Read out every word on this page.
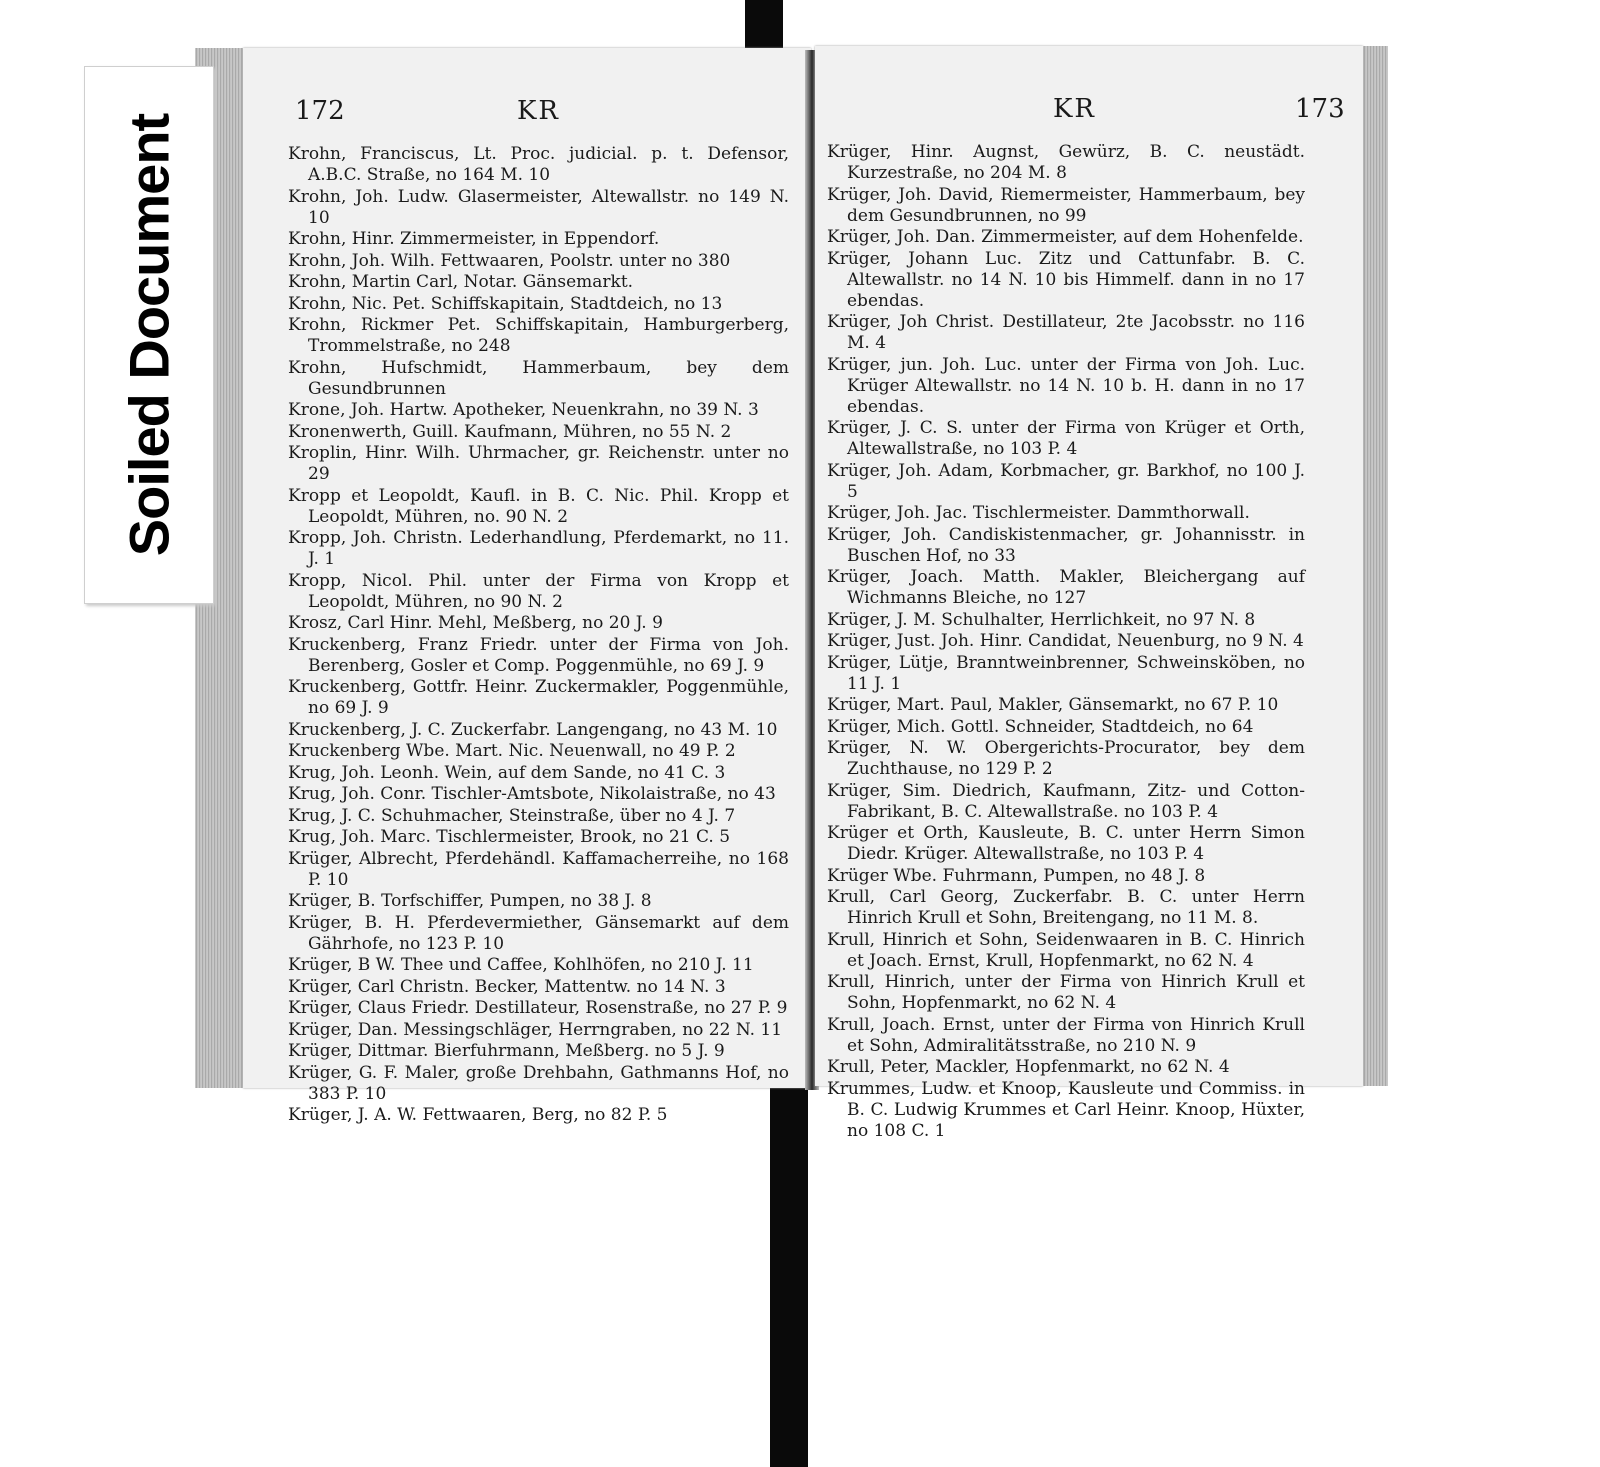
172	KR
Krohn, Franciscus, Lt. Proc. judicial. p. t. Defensor, A.B.C. Straße, no 164 M. 10
Krohn, Joh. Ludw. Glasermeister, Altewallstr. no 149 N. 10
Krohn, Hinr. Zimmermeister, in Eppendorf.
Krohn, Joh. Wilh. Fettwaaren, Poolstr. unter no 380
Krohn, Martin Carl, Notar. Gänsemarkt.
Krohn, Nic. Pet. Schiffskapitain, Stadtdeich, no 13
Krohn, Rickmer Pet. Schiffskapitain, Hamburgerberg, Trommelstraße, no 248
Krohn, Hufschmidt, Hammerbaum, bey dem Gesundbrunnen
Krone, Joh. Hartw. Apotheker, Neuenkrahn, no 39 N. 3
Kronenwerth, Guill. Kaufmann, Mühren, no 55 N. 2
Kroplin, Hinr. Wilh. Uhrmacher, gr. Reichenstr. unter no 29
Kropp et Leopoldt, Kaufl. in B. C. Nic. Phil. Kropp et Leopoldt, Mühren, no. 90 N. 2
Kropp, Joh. Christn. Lederhandlung, Pferdemarkt, no 11. J. 1
Kropp, Nicol. Phil. unter der Firma von Kropp et Leopoldt, Mühren, no 90 N. 2
Krosz, Carl Hinr. Mehl, Meßberg, no 20 J. 9
Kruckenberg, Franz Friedr. unter der Firma von Joh. Berenberg, Gosler et Comp. Poggenmühle, no 69 J. 9
Kruckenberg, Gottfr. Heinr. Zuckermakler, Poggenmühle, no 69 J. 9
Kruckenberg, J. C. Zuckerfabr. Langengang, no 43 M. 10
Kruckenberg Wbe. Mart. Nic. Neuenwall, no 49 P. 2
Krug, Joh. Leonh. Wein, auf dem Sande, no 41 C. 3
Krug, Joh. Conr. Tischler-Amtsbote, Nikolaistraße, no 43
Krug, J. C. Schuhmacher, Steinstraße, über no 4 J. 7
Krug, Joh. Marc. Tischlermeister, Brook, no 21 C. 5
Krüger, Albrecht, Pferdehändl. Kaffamacherreihe, no 168 P. 10
Krüger, B. Torfschiffer, Pumpen, no 38 J. 8
Krüger, B. H. Pferdevermiether, Gänsemarkt auf dem Gährhofe, no 123 P. 10
Krüger, B W. Thee und Caffee, Kohlhöfen, no 210 J. 11
Krüger, Carl Christn. Becker, Mattentw. no 14 N. 3
Krüger, Claus Friedr. Destillateur, Rosenstraße, no 27 P. 9
Krüger, Dan. Messingschläger, Herrngraben, no 22 N. 11
Krüger, Dittmar. Bierfuhrmann, Meßberg. no 5 J. 9
Krüger, G. F. Maler, große Drehbahn, Gathmanns Hof, no 383 P. 10
Krüger, J. A. W. Fettwaaren, Berg, no 82 P. 5
KR	173
Krüger, Hinr. Augnst, Gewürz, B. C. neustädt. Kurzestraße, no 204 M. 8
Krüger, Joh. David, Riemermeister, Hammerbaum, bey dem Gesundbrunnen, no 99
Krüger, Joh. Dan. Zimmermeister, auf dem Hohenfelde.
Krüger, Johann Luc. Zitz und Cattunfabr. B. C. Altewallstr. no 14 N. 10 bis Himmelf. dann in no 17 ebendas.
Krüger, Joh Christ. Destillateur, 2te Jacobsstr. no 116 M. 4
Krüger, jun. Joh. Luc. unter der Firma von Joh. Luc. Krüger Altewallstr. no 14 N. 10 b. H. dann in no 17 ebendas.
Krüger, J. C. S. unter der Firma von Krüger et Orth, Altewallstraße, no 103 P. 4
Krüger, Joh. Adam, Korbmacher, gr. Barkhof, no 100 J. 5
Krüger, Joh. Jac. Tischlermeister. Dammthorwall.
Krüger, Joh. Candiskistenmacher, gr. Johannisstr. in Buschen Hof, no 33
Krüger, Joach. Matth. Makler, Bleichergang auf Wichmanns Bleiche, no 127
Krüger, J. M. Schulhalter, Herrlichkeit, no 97 N. 8
Krüger, Just. Joh. Hinr. Candidat, Neuenburg, no 9 N. 4
Krüger, Lütje, Branntweinbrenner, Schweinsköben, no 11 J. 1
Krüger, Mart. Paul, Makler, Gänsemarkt, no 67 P. 10
Krüger, Mich. Gottl. Schneider, Stadtdeich, no 64
Krüger, N. W. Obergerichts-Procurator, bey dem Zuchthause, no 129 P. 2
Krüger, Sim. Diedrich, Kaufmann, Zitz- und Cotton-Fabrikant, B. C. Altewallstraße. no 103 P. 4
Krüger et Orth, Kausleute, B. C. unter Herrn Simon Diedr. Krüger. Altewallstraße, no 103 P. 4
Krüger Wbe. Fuhrmann, Pumpen, no 48 J. 8
Krull, Carl Georg, Zuckerfabr. B. C. unter Herrn Hinrich Krull et Sohn, Breitengang, no 11 M. 8.
Krull, Hinrich et Sohn, Seidenwaaren in B. C. Hinrich et Joach. Ernst, Krull, Hopfenmarkt, no 62 N. 4
Krull, Hinrich, unter der Firma von Hinrich Krull et Sohn, Hopfenmarkt, no 62 N. 4
Krull, Joach. Ernst, unter der Firma von Hinrich Krull et Sohn, Admiralitätsstraße, no 210 N. 9
Krull, Peter, Mackler, Hopfenmarkt, no 62 N. 4
Krummes, Ludw. et Knoop, Kausleute und Commiss. in B. C. Ludwig Krummes et Carl Heinr. Knoop, Hüxter, no 108 C. 1
Soiled Document
